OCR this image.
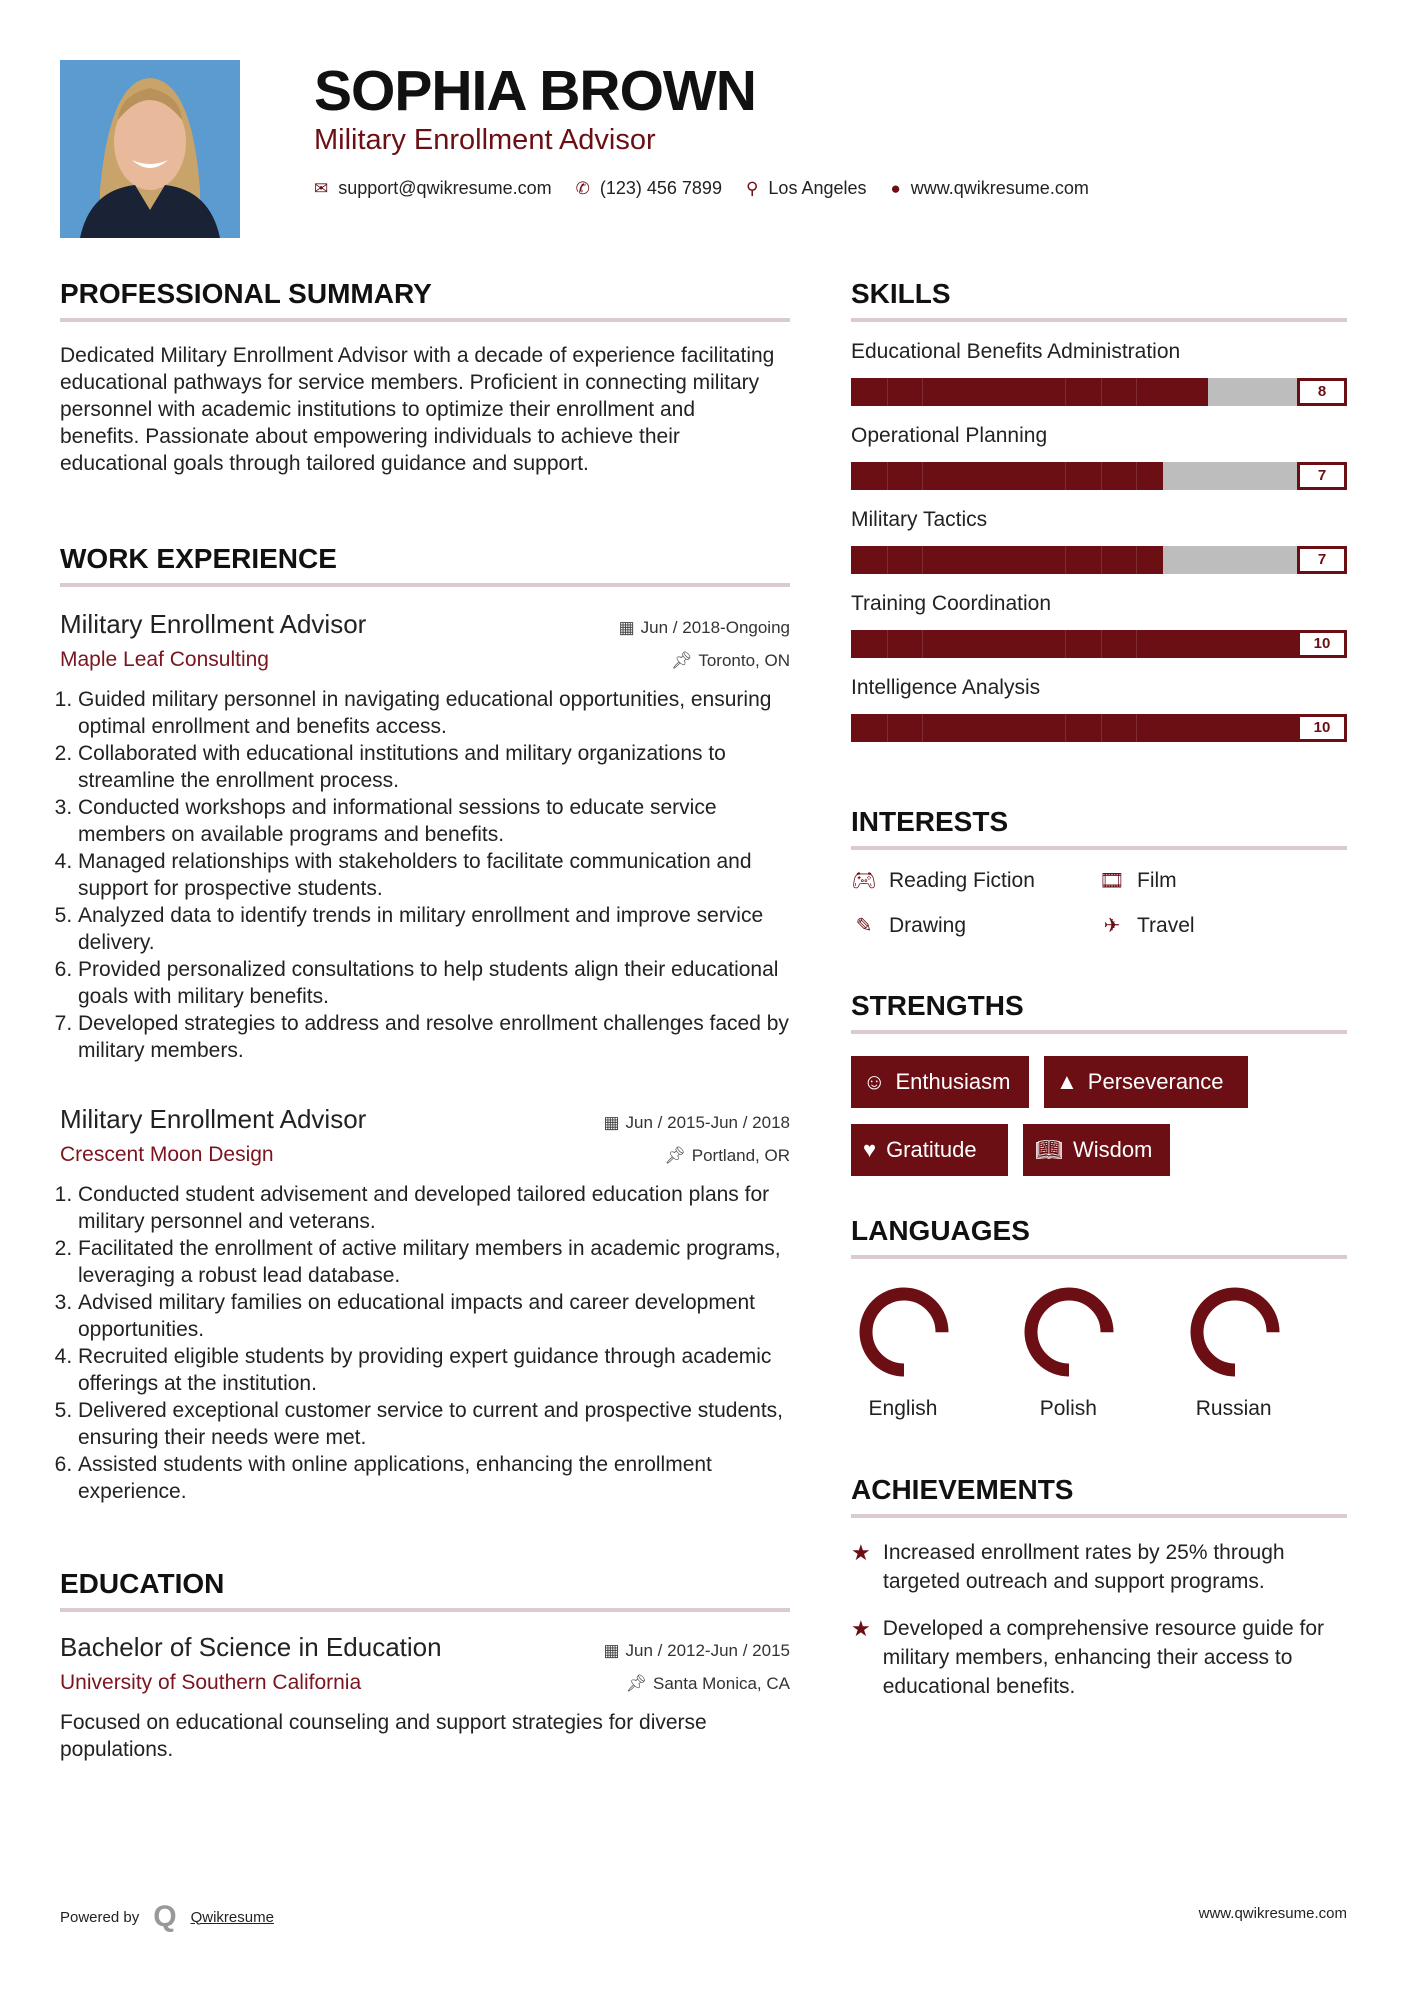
SOPHIA BROWN
Military Enrollment Advisor
✉ support@qwikresume.com ✆ (123) 456 7899 ⚲ Los Angeles ● www.qwikresume.com
PROFESSIONAL SUMMARY

Dedicated Military Enrollment Advisor with a decade of experience facilitating educational pathways for service members. Proficient in connecting military personnel with academic institutions to optimize their enrollment and benefits. Passionate about empowering individuals to achieve their educational goals through tailored guidance and support.

WORK EXPERIENCE
Military Enrollment Advisor	▦ Jun / 2018-Ongoing
Maple Leaf Consulting	📌︎ Toronto, ON
1. Guided military personnel in navigating educational opportunities, ensuring optimal enrollment and benefits access.
2. Collaborated with educational institutions and military organizations to streamline the enrollment process.
3. Conducted workshops and informational sessions to educate service members on available programs and benefits.
4. Managed relationships with stakeholders to facilitate communication and support for prospective students.
5. Analyzed data to identify trends in military enrollment and improve service delivery.
6. Provided personalized consultations to help students align their educational goals with military benefits.
7. Developed strategies to address and resolve enrollment challenges faced by military members.
Military Enrollment Advisor	▦ Jun / 2015-Jun / 2018
Crescent Moon Design	📌︎ Portland, OR
1. Conducted student advisement and developed tailored education plans for military personnel and veterans.
2. Facilitated the enrollment of active military members in academic programs, leveraging a robust lead database.
3. Advised military families on educational impacts and career development opportunities.
4. Recruited eligible students by providing expert guidance through academic offerings at the institution.
5. Delivered exceptional customer service to current and prospective students, ensuring their needs were met.
6. Assisted students with online applications, enhancing the enrollment experience.
EDUCATION
Bachelor of Science in Education	▦ Jun / 2012-Jun / 2015
University of Southern California	📌︎ Santa Monica, CA

Focused on educational counseling and support strategies for diverse populations.

SKILLS
Educational Benefits Administration
8
Operational Planning
7
Military Tactics
7
Training Coordination
10
Intelligence Analysis
10
INTERESTS
🎮︎ Reading Fiction	🎞︎ Film
✎ Drawing	✈ Travel
STRENGTHS
☺ Enthusiasm ▲ Perseverance
♥ Gratitude	📖︎ Wisdom
LANGUAGES
English	Polish	Russian
ACHIEVEMENTS
★ Increased enrollment rates by 25% through targeted outreach and support programs.
★ Developed a comprehensive resource guide for military members, enhancing their access to educational benefits.
Powered by Q Qwikresume	www.qwikresume.com
